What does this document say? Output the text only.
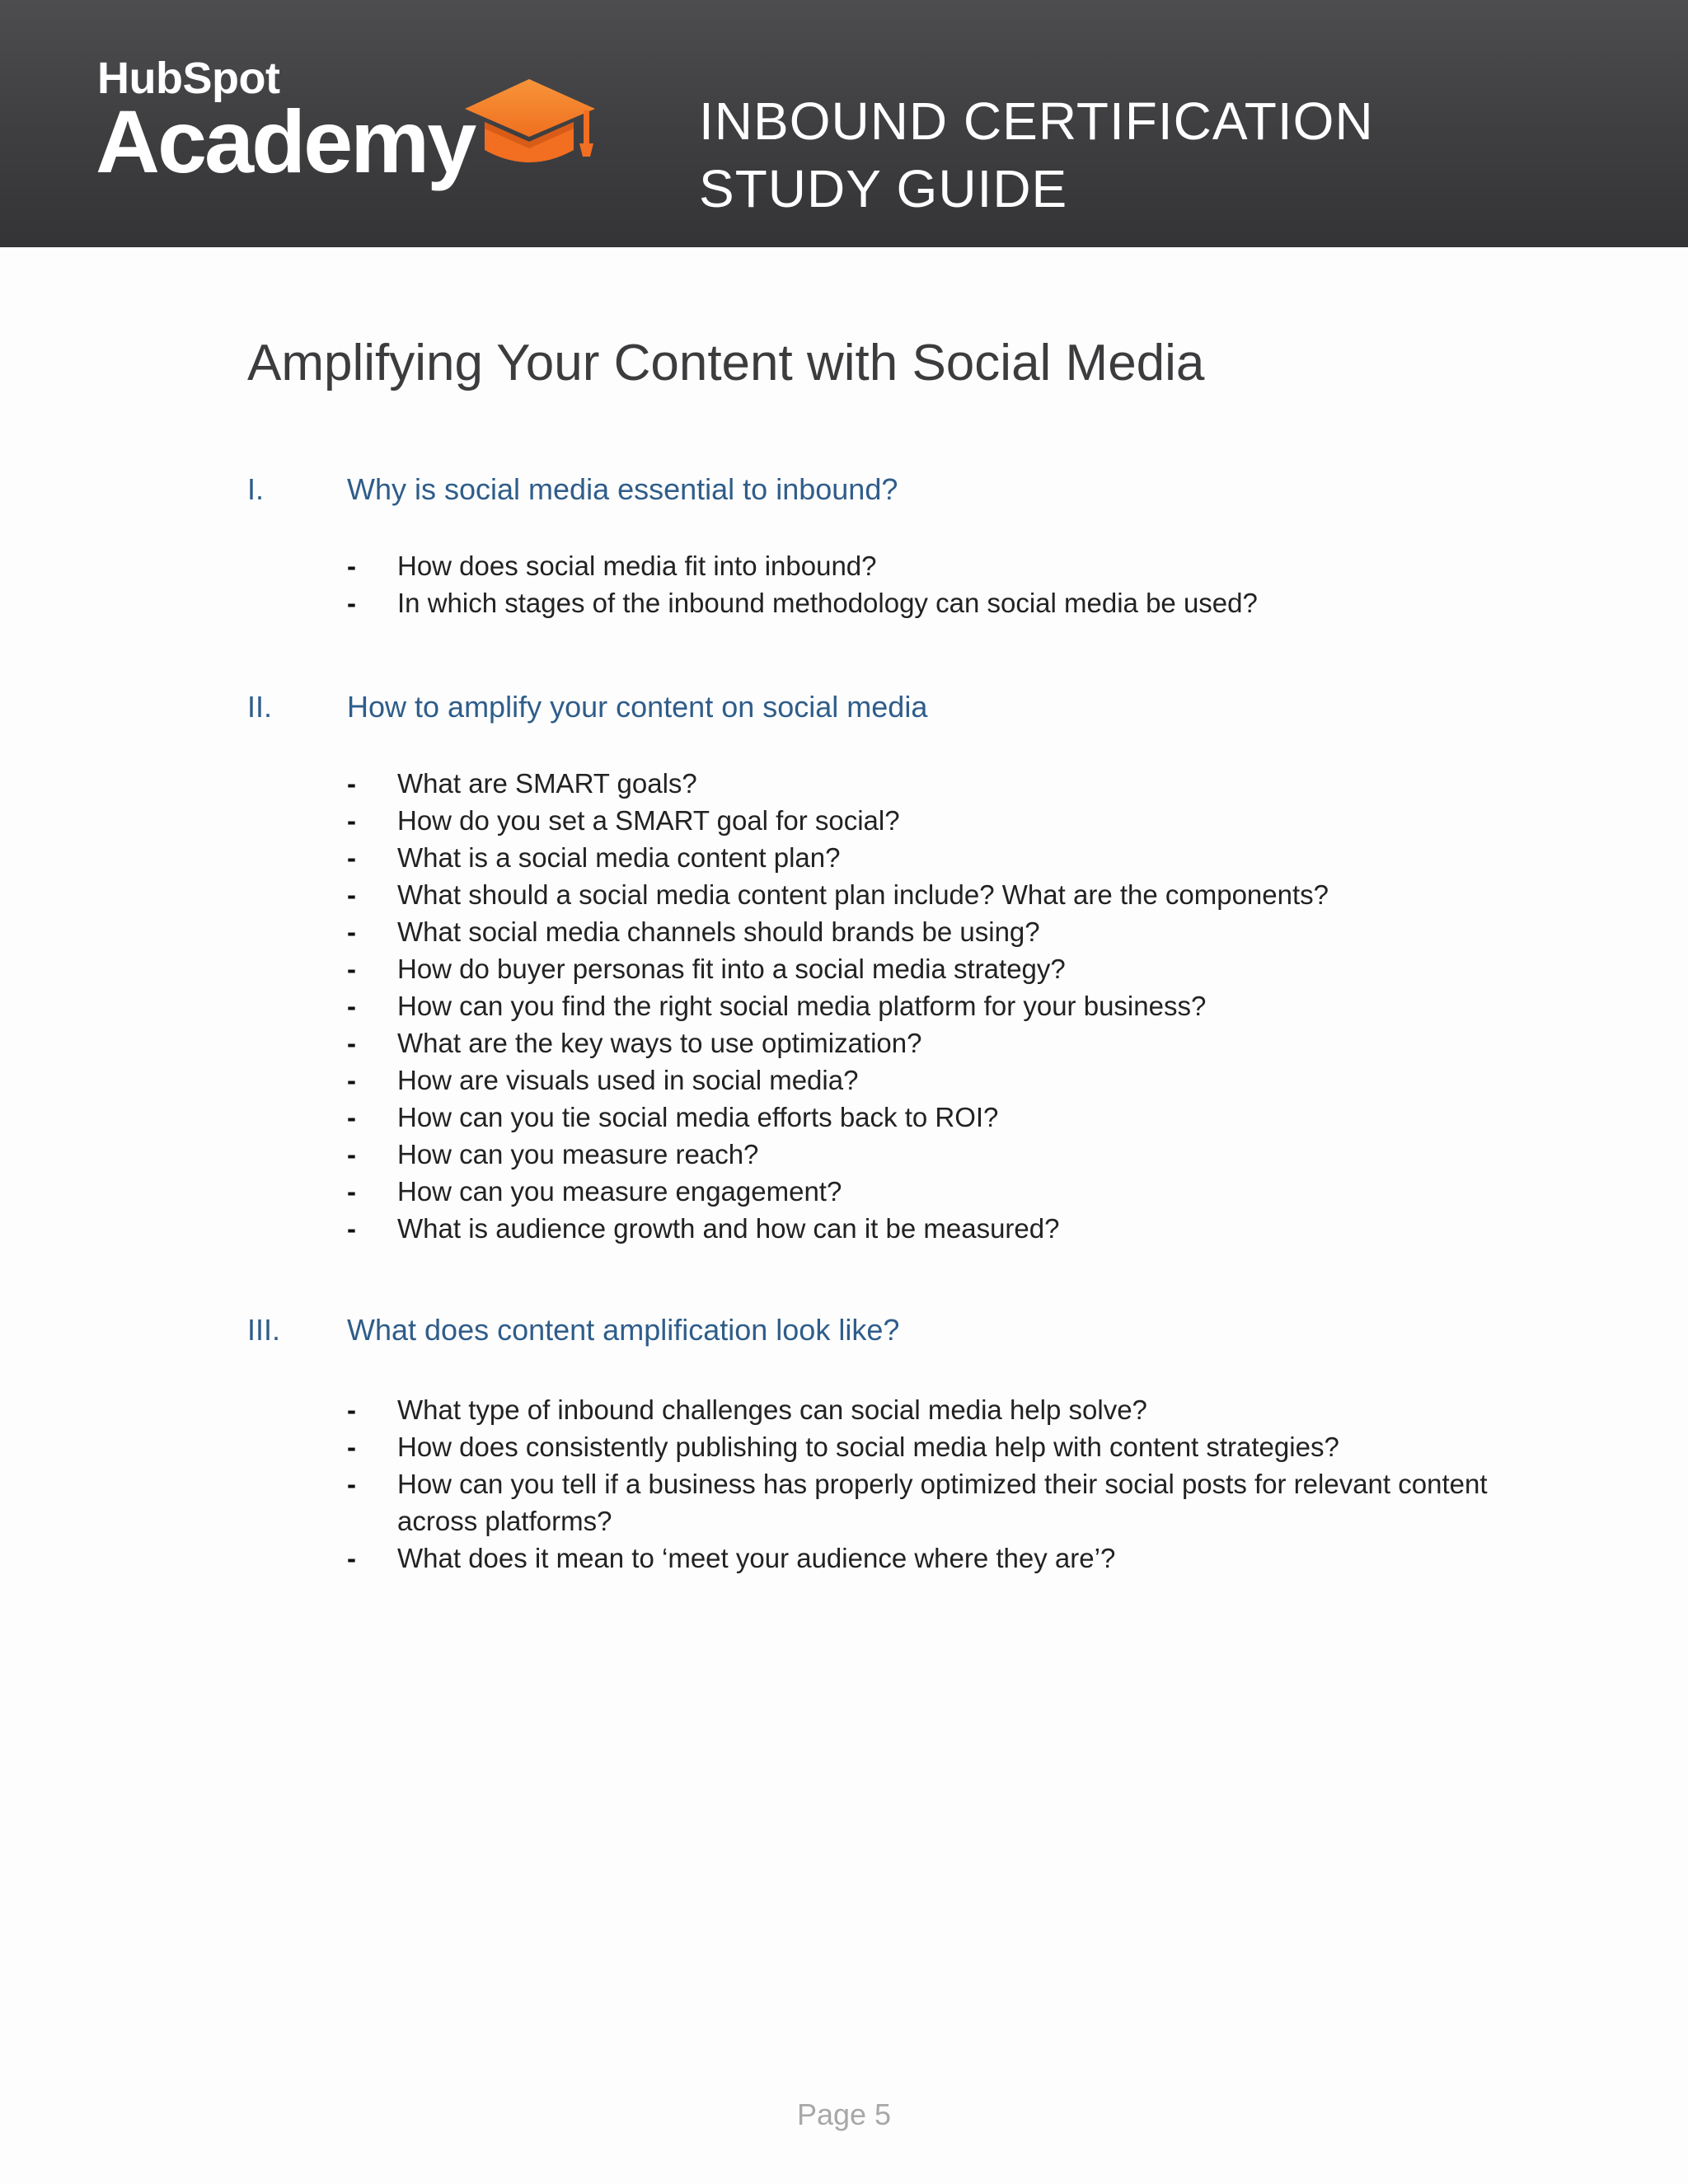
HubSpot
Academy	INBOUND CERTIFICATION
STUDY GUIDE
Amplifying Your Content with Social Media
I.	Why is social media essential to inbound?
- How does social media fit into inbound?
- In which stages of the inbound methodology can social media be used?
II.	How to amplify your content on social media
- What are SMART goals?
- How do you set a SMART goal for social?
- What is a social media content plan?
- What should a social media content plan include? What are the components?
- What social media channels should brands be using?
- How do buyer personas fit into a social media strategy?
- How can you find the right social media platform for your business?
- What are the key ways to use optimization?
- How are visuals used in social media?
- How can you tie social media efforts back to ROI?
- How can you measure reach?
- How can you measure engagement?
- What is audience growth and how can it be measured?
III. What does content amplification look like?
- What type of inbound challenges can social media help solve?
- How does consistently publishing to social media help with content strategies?
- How can you tell if a business has properly optimized their social posts for relevant content across platforms?
- What does it mean to ‘meet your audience where they are’?
Page 5
